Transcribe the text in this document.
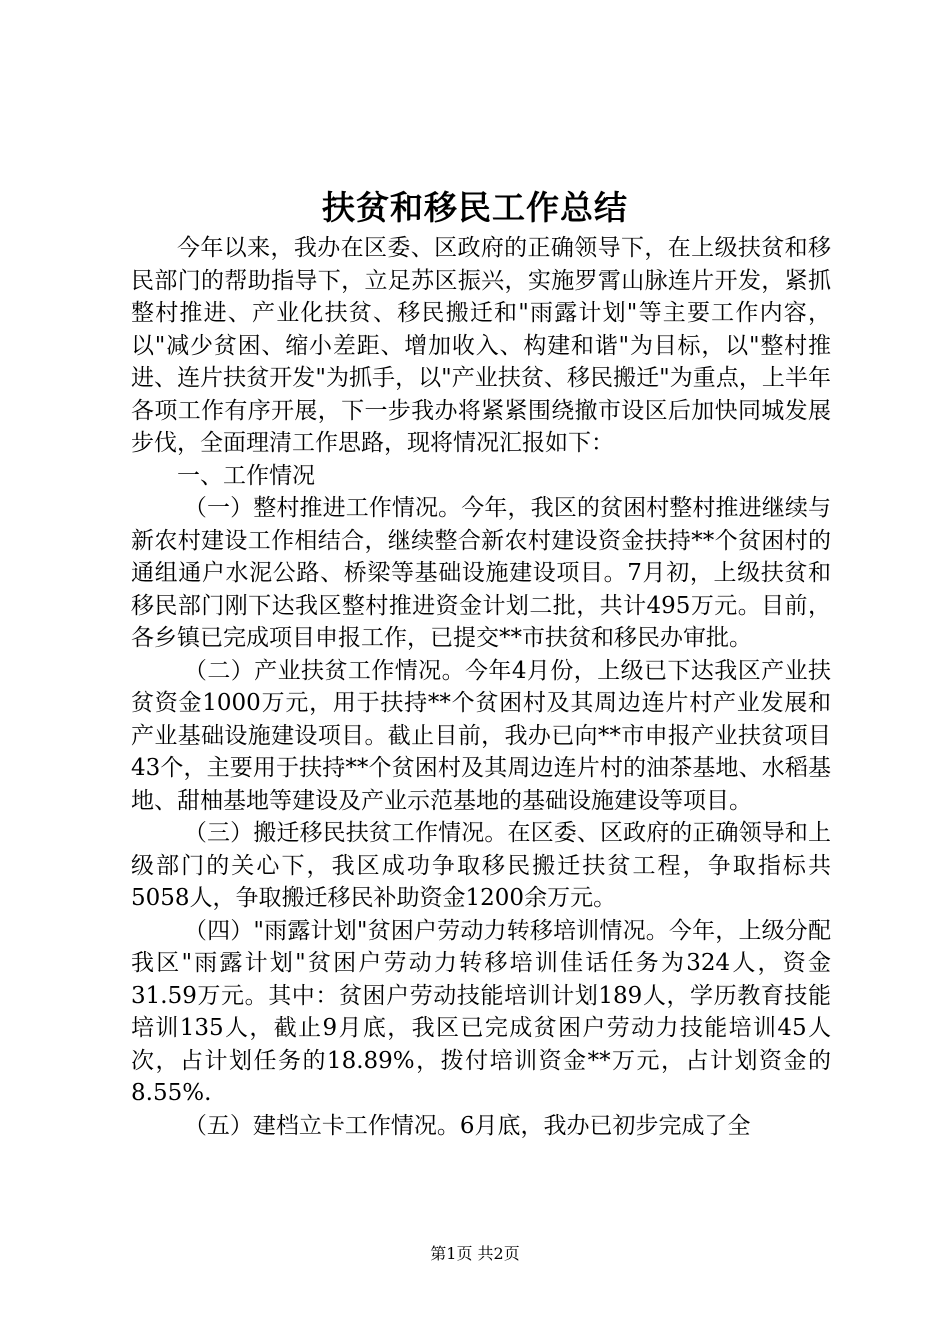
扶贫和移民工作总结

今年以来，我办在区委、区政府的正确领导下，在上级扶贫和移民部门的帮助指导下，立足苏区振兴，实施罗霄山脉连片开发，紧抓整村推进、产业化扶贫、移民搬迁和"雨露计划"等主要工作内容，以"减少贫困、缩小差距、增加收入、构建和谐"为目标，以"整村推进、连片扶贫开发"为抓手，以"产业扶贫、移民搬迁"为重点，上半年各项工作有序开展，下一步我办将紧紧围绕撤市设区后加快同城发展步伐，全面理清工作思路，现将情况汇报如下：

一、工作情况

（一）整村推进工作情况。今年，我区的贫困村整村推进继续与新农村建设工作相结合，继续整合新农村建设资金扶持**个贫困村的通组通户水泥公路、桥梁等基础设施建设项目。7月初，上级扶贫和移民部门刚下达我区整村推进资金计划二批，共计495万元。目前，各乡镇已完成项目申报工作，已提交**市扶贫和移民办审批。

（二）产业扶贫工作情况。今年4月份，上级已下达我区产业扶贫资金1000万元，用于扶持**个贫困村及其周边连片村产业发展和产业基础设施建设项目。截止目前，我办已向**市申报产业扶贫项目43个，主要用于扶持**个贫困村及其周边连片村的油茶基地、水稻基地、甜柚基地等建设及产业示范基地的基础设施建设等项目。

（三）搬迁移民扶贫工作情况。在区委、区政府的正确领导和上级部门的关心下，我区成功争取移民搬迁扶贫工程，争取指标共5058人，争取搬迁移民补助资金1200余万元。

（四）"雨露计划"贫困户劳动力转移培训情况。今年，上级分配我区"雨露计划"贫困户劳动力转移培训佳话任务为324人，资金31.59万元。其中：贫困户劳动技能培训计划189人，学历教育技能培训135人，截止9月底，我区已完成贫困户劳动力技能培训45人次，占计划任务的18.89%，拨付培训资金**万元，占计划资金的8.55%.

（五）建档立卡工作情况。6月底，我办已初步完成了全

第1页 共2页
